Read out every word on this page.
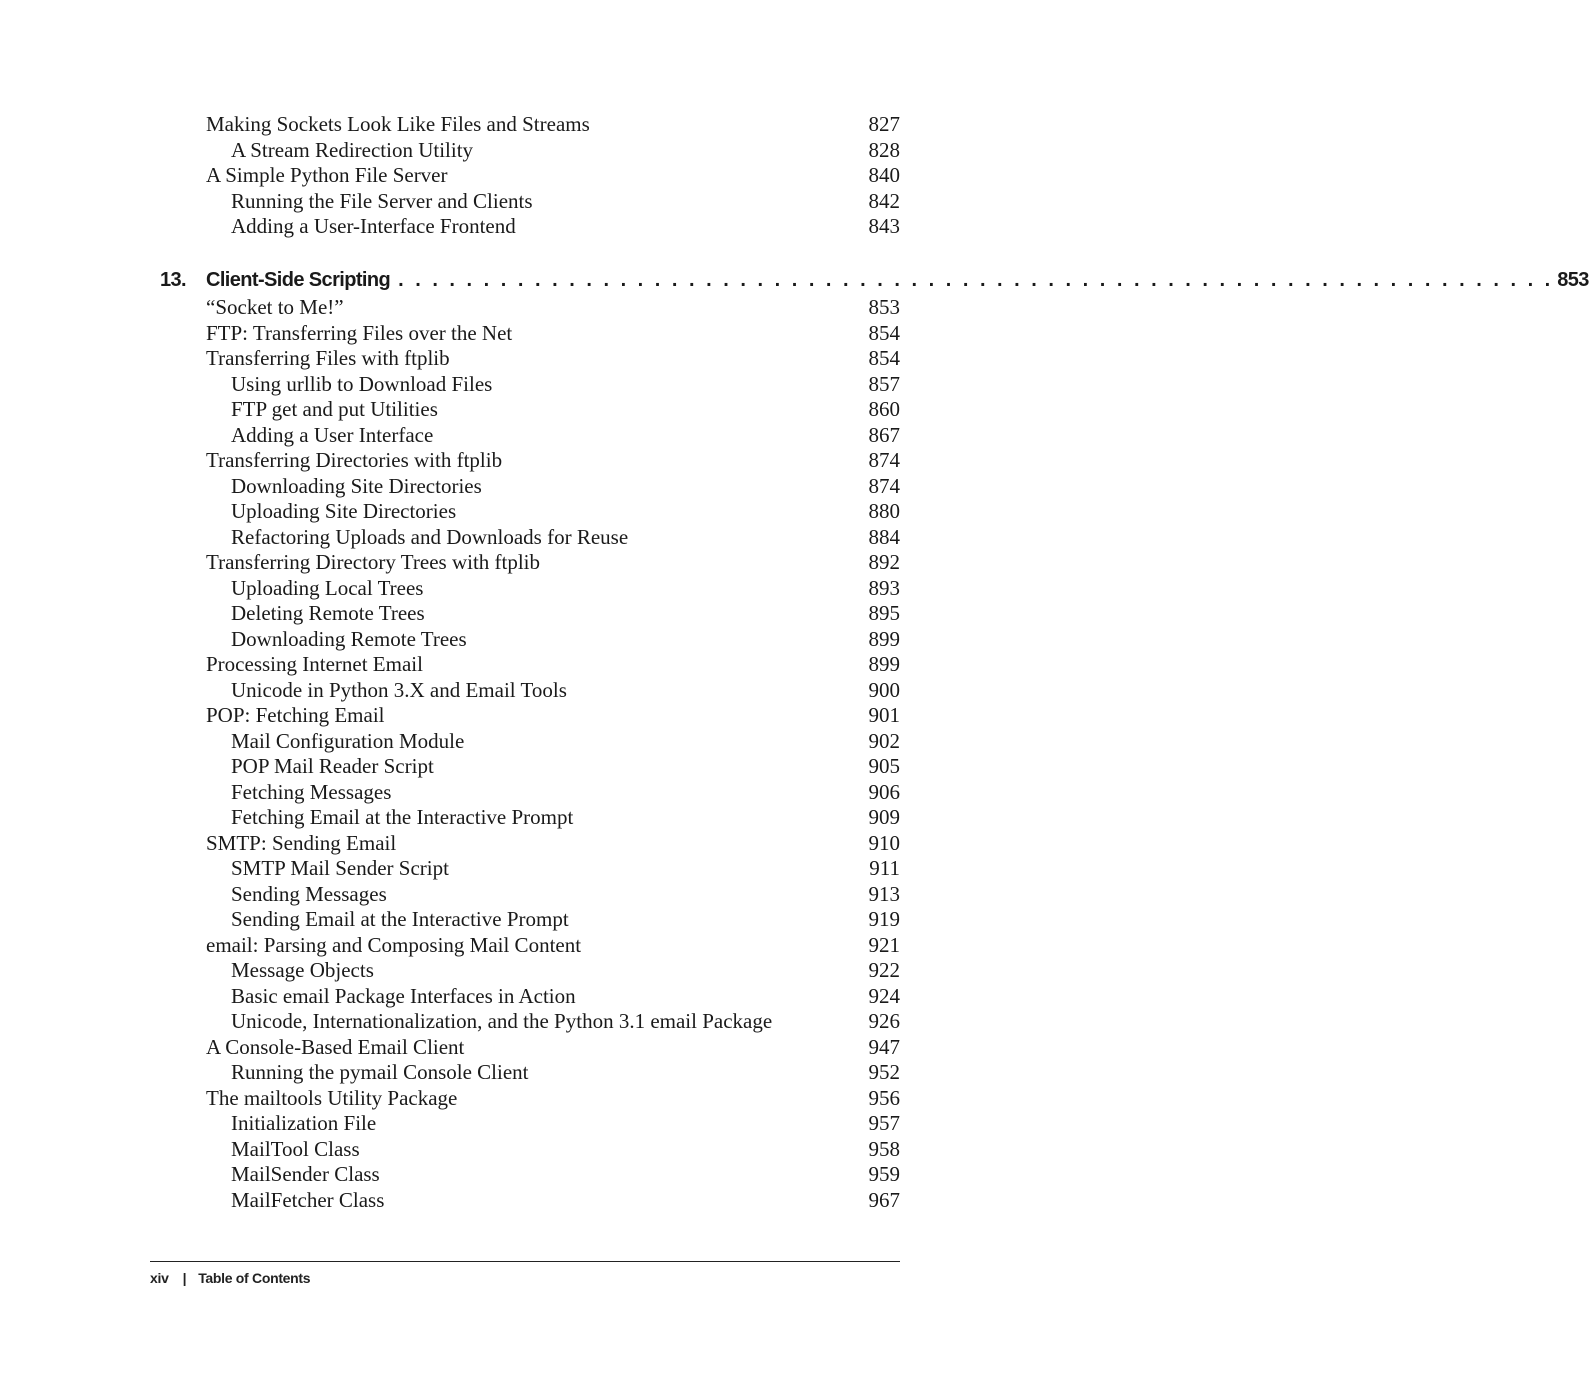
Making Sockets Look Like Files and Streams	827
A Stream Redirection Utility	828
A Simple Python File Server	840
Running the File Server and Clients	842
Adding a User-Interface Frontend	843
13. Client-Side Scripting . . . . . . . . . . . . . . . . . . . . . . . . . . . . . . . . . . . . . . . . . . . . . . . . . . . . . . . . . . . . . . . . . . . . 853
“Socket to Me!”	853
FTP: Transferring Files over the Net	854
Transferring Files with ftplib	854
Using urllib to Download Files	857
FTP get and put Utilities	860
Adding a User Interface	867
Transferring Directories with ftplib	874
Downloading Site Directories	874
Uploading Site Directories	880
Refactoring Uploads and Downloads for Reuse	884
Transferring Directory Trees with ftplib	892
Uploading Local Trees	893
Deleting Remote Trees	895
Downloading Remote Trees	899
Processing Internet Email	899
Unicode in Python 3.X and Email Tools	900
POP: Fetching Email	901
Mail Configuration Module	902
POP Mail Reader Script	905
Fetching Messages	906
Fetching Email at the Interactive Prompt	909
SMTP: Sending Email	910
SMTP Mail Sender Script	911
Sending Messages	913
Sending Email at the Interactive Prompt	919
email: Parsing and Composing Mail Content	921
Message Objects	922
Basic email Package Interfaces in Action	924
Unicode, Internationalization, and the Python 3.1 email Package	926
A Console-Based Email Client	947
Running the pymail Console Client	952
The mailtools Utility Package	956
Initialization File	957
MailTool Class	958
MailSender Class	959
MailFetcher Class	967
xiv | Table of Contents
